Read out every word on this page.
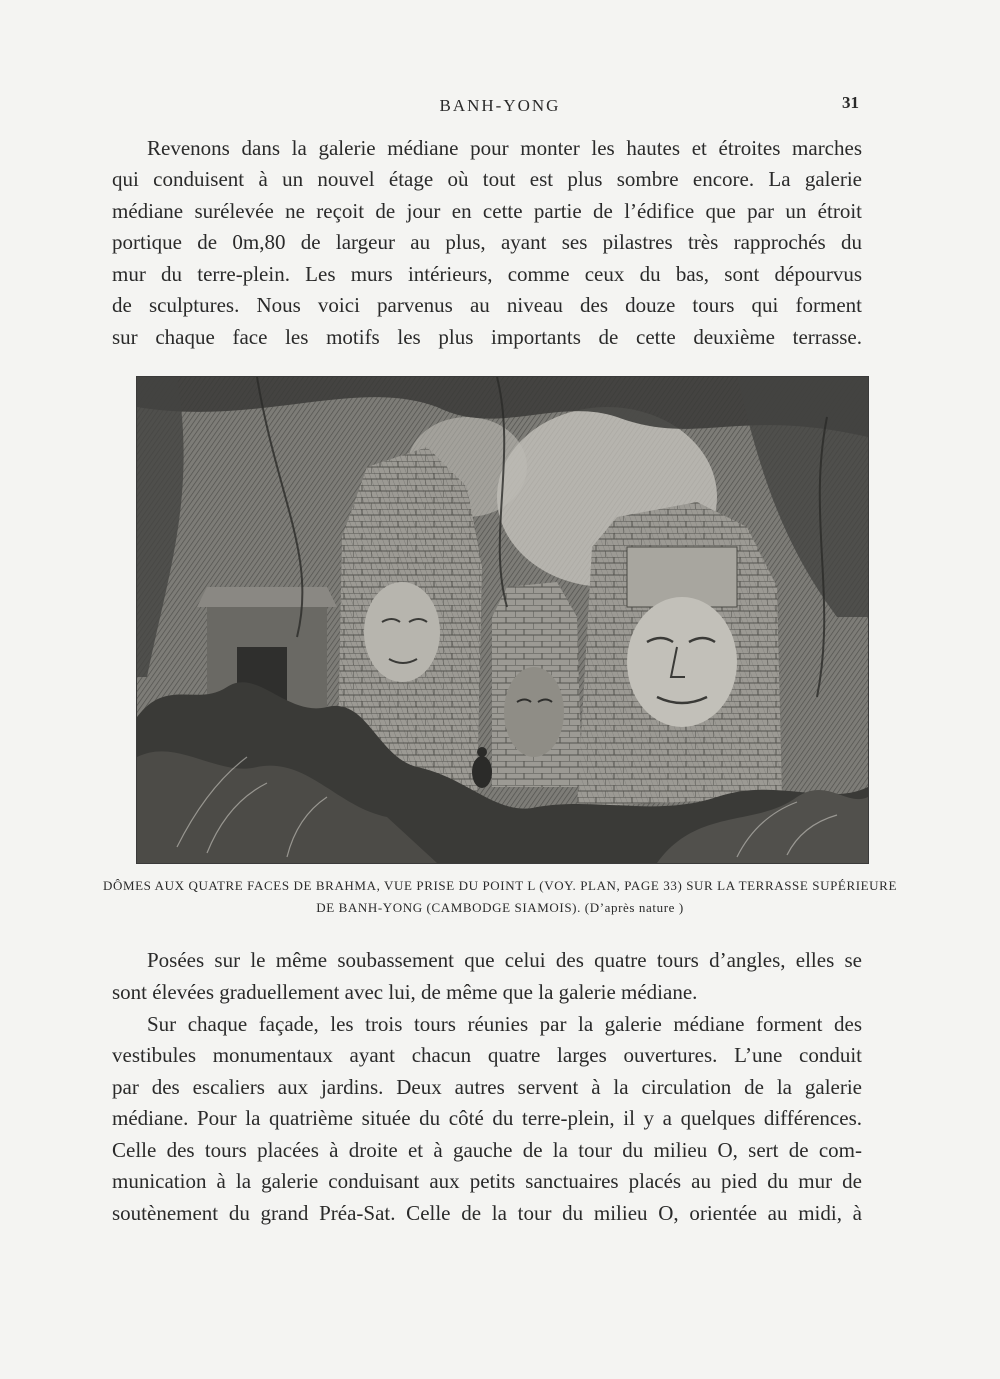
BANH-YONG	31

Revenons dans la galerie médiane pour monter les hautes et étroites marches

qui conduisent à un nouvel étage où tout est plus sombre encore. La galerie

médiane surélevée ne reçoit de jour en cette partie de l’édifice que par un étroit

portique de 0m,80 de largeur au plus, ayant ses pilastres très rapprochés du

mur du terre-plein. Les murs intérieurs, comme ceux du bas, sont dépourvus

de sculptures. Nous voici parvenus au niveau des douze tours qui forment

sur chaque face les motifs les plus importants de cette deuxième terrasse.

DÔMES AUX QUATRE FACES DE BRAHMA, VUE PRISE DU POINT L (VOY. PLAN, PAGE 33) SUR LA TERRASSE SUPÉRIEURE
DE BANH-YONG (CAMBODGE SIAMOIS). (D’après nature )

Posées sur le même soubassement que celui des quatre tours d’angles, elles se

sont élevées graduellement avec lui, de même que la galerie médiane.

Sur chaque façade, les trois tours réunies par la galerie médiane forment des

vestibules monumentaux ayant chacun quatre larges ouvertures. L’une conduit

par des escaliers aux jardins. Deux autres servent à la circulation de la galerie

médiane. Pour la quatrième située du côté du terre-plein, il y a quelques différences.

Celle des tours placées à droite et à gauche de la tour du milieu O, sert de com-

munication à la galerie conduisant aux petits sanctuaires placés au pied du mur de

soutènement du grand Préa-Sat. Celle de la tour du milieu O, orientée au midi, à
